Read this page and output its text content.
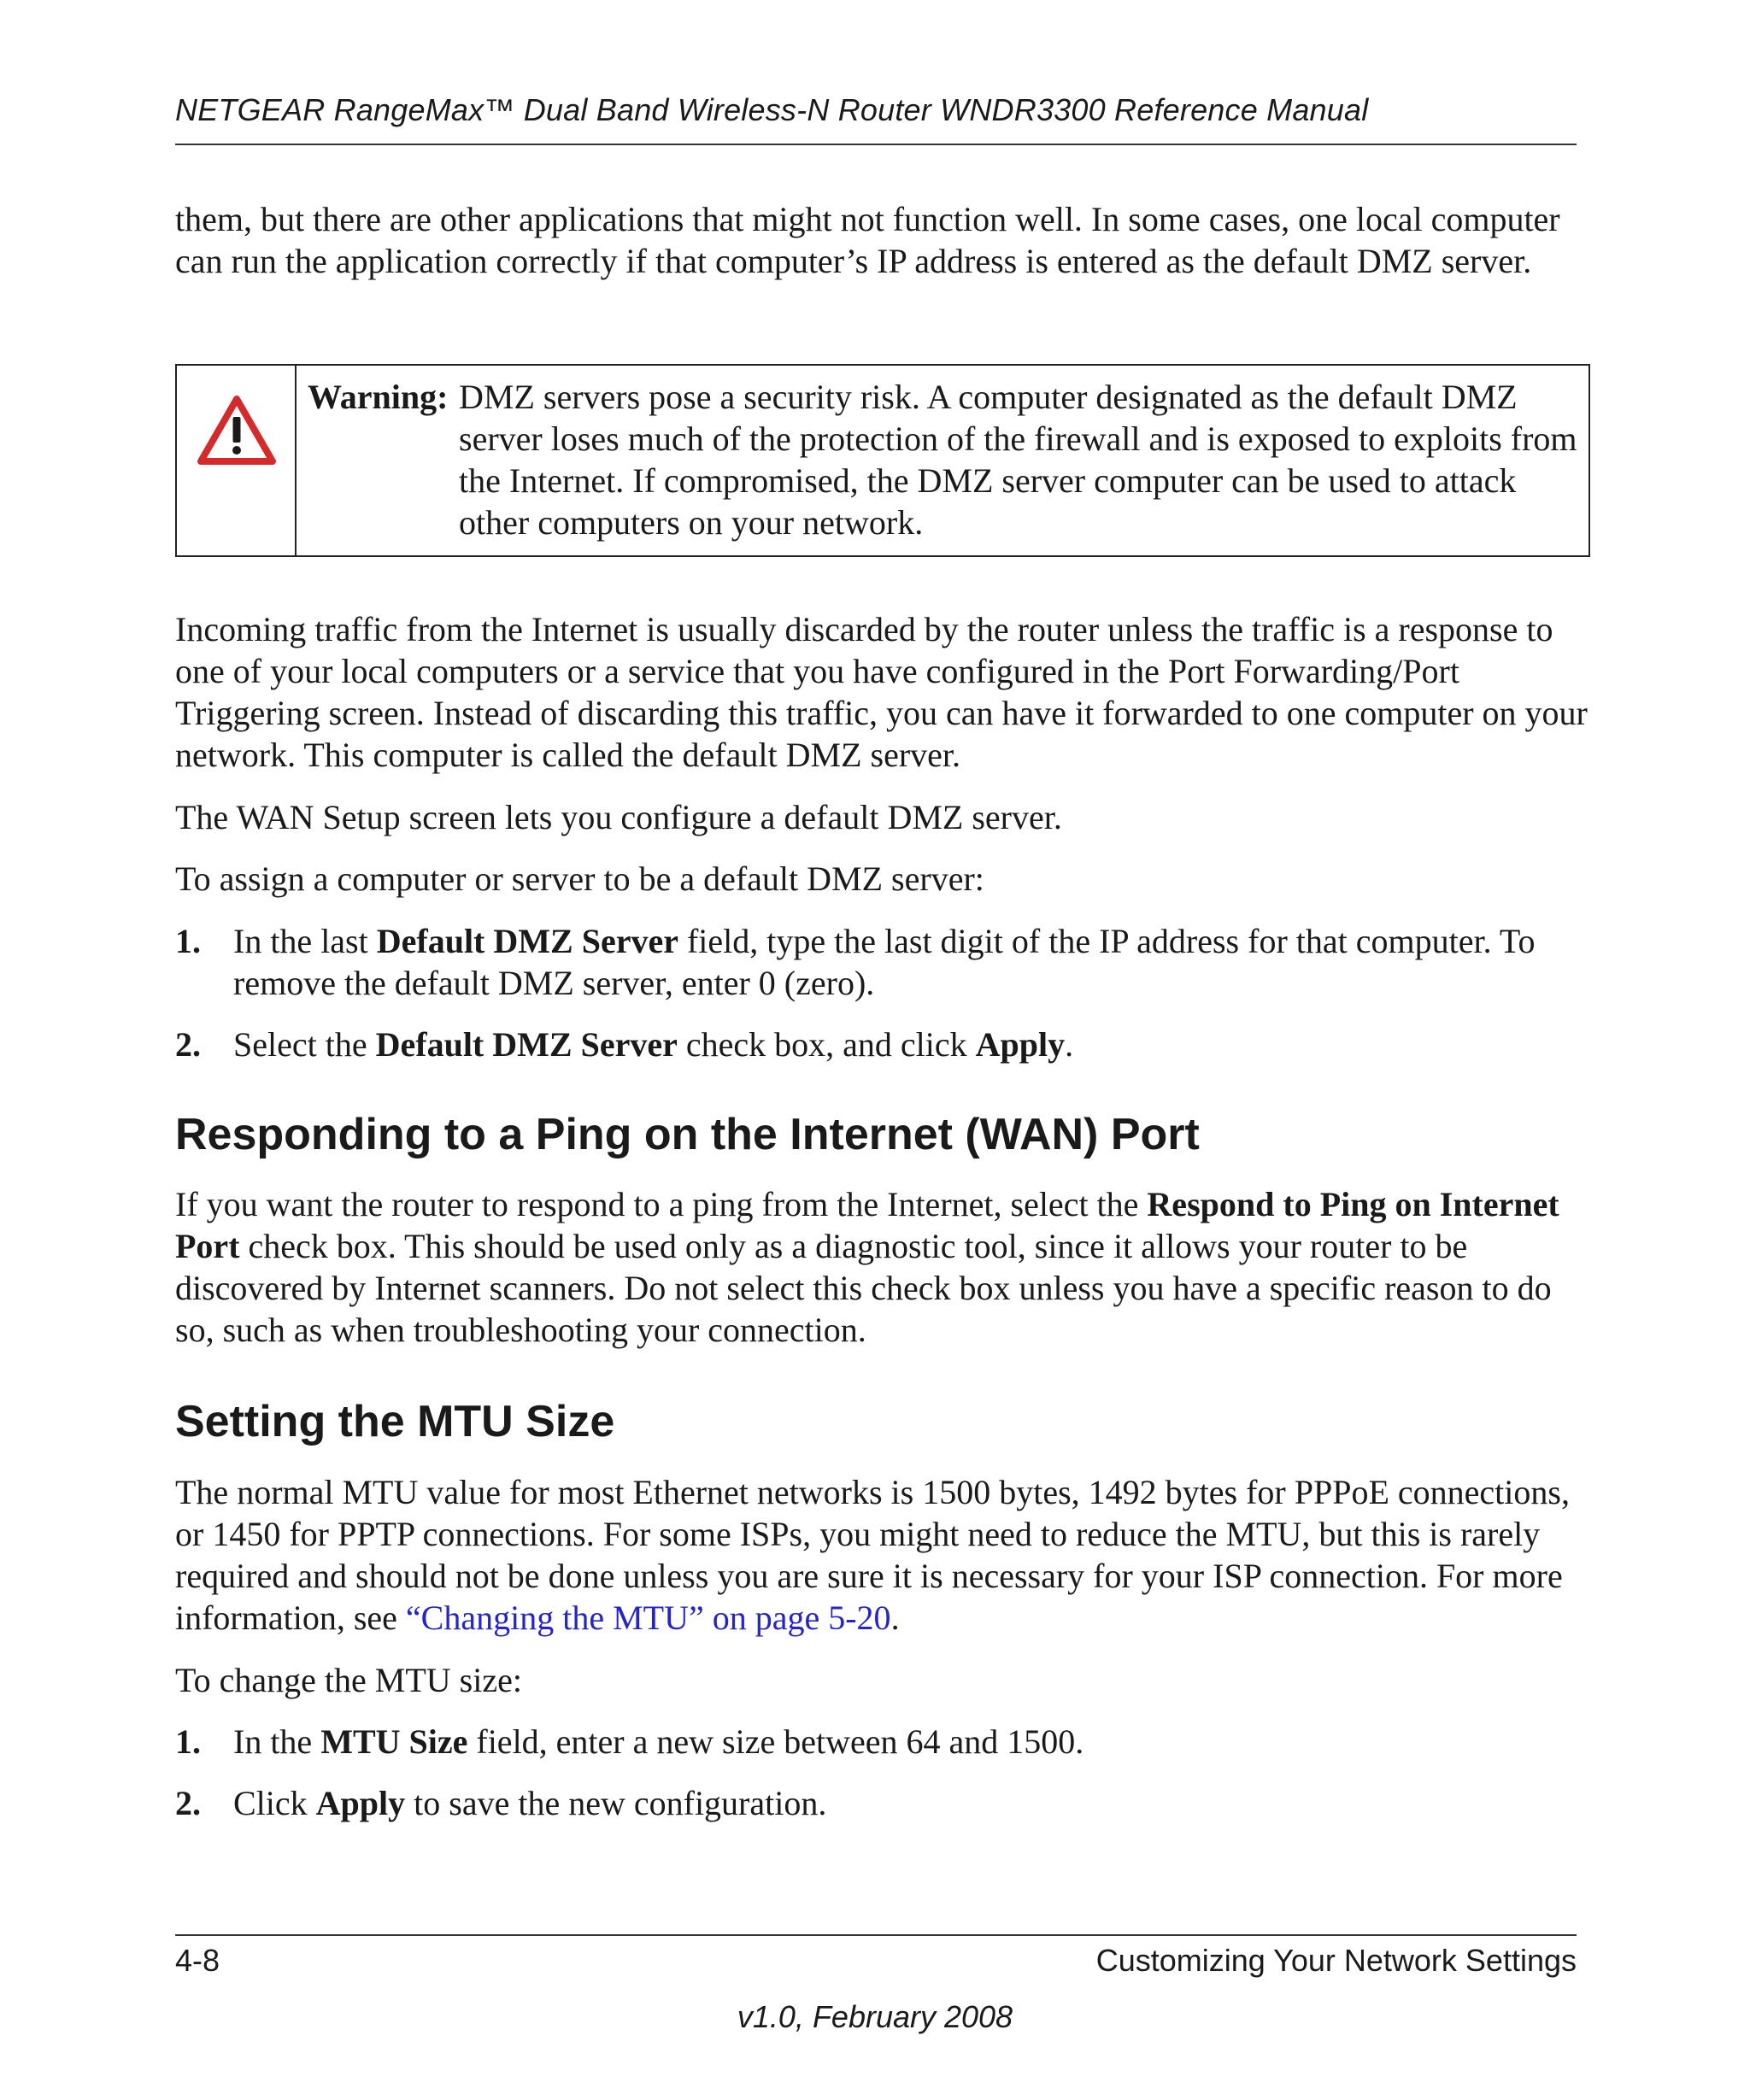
NETGEAR RangeMax™ Dual Band Wireless-N Router WNDR3300 Reference Manual

them, but there are other applications that might not function well. In some cases, one local computer can run the application correctly if that computer’s IP address is entered as the default DMZ server.

Warning: DMZ servers pose a security risk. A computer designated as the default DMZ server loses much of the protection of the firewall and is exposed to exploits from the Internet. If compromised, the DMZ server computer can be used to attack other computers on your network.

Incoming traffic from the Internet is usually discarded by the router unless the traffic is a response to one of your local computers or a service that you have configured in the Port Forwarding/Port Triggering screen. Instead of discarding this traffic, you can have it forwarded to one computer on your network. This computer is called the default DMZ server.

The WAN Setup screen lets you configure a default DMZ server.

To assign a computer or server to be a default DMZ server:

1. In the last Default DMZ Server field, type the last digit of the IP address for that computer. To remove the default DMZ server, enter 0 (zero).
2. Select the Default DMZ Server check box, and click Apply.
Responding to a Ping on the Internet (WAN) Port

If you want the router to respond to a ping from the Internet, select the Respond to Ping on Internet Port check box. This should be used only as a diagnostic tool, since it allows your router to be discovered by Internet scanners. Do not select this check box unless you have a specific reason to do so, such as when troubleshooting your connection.

Setting the MTU Size

The normal MTU value for most Ethernet networks is 1500 bytes, 1492 bytes for PPPoE connections, or 1450 for PPTP connections. For some ISPs, you might need to reduce the MTU, but this is rarely required and should not be done unless you are sure it is necessary for your ISP connection. For more information, see “Changing the MTU” on page 5-20.

To change the MTU size:

1. In the MTU Size field, enter a new size between 64 and 1500.
2. Click Apply to save the new configuration.
4-8	Customizing Your Network Settings
v1.0, February 2008
